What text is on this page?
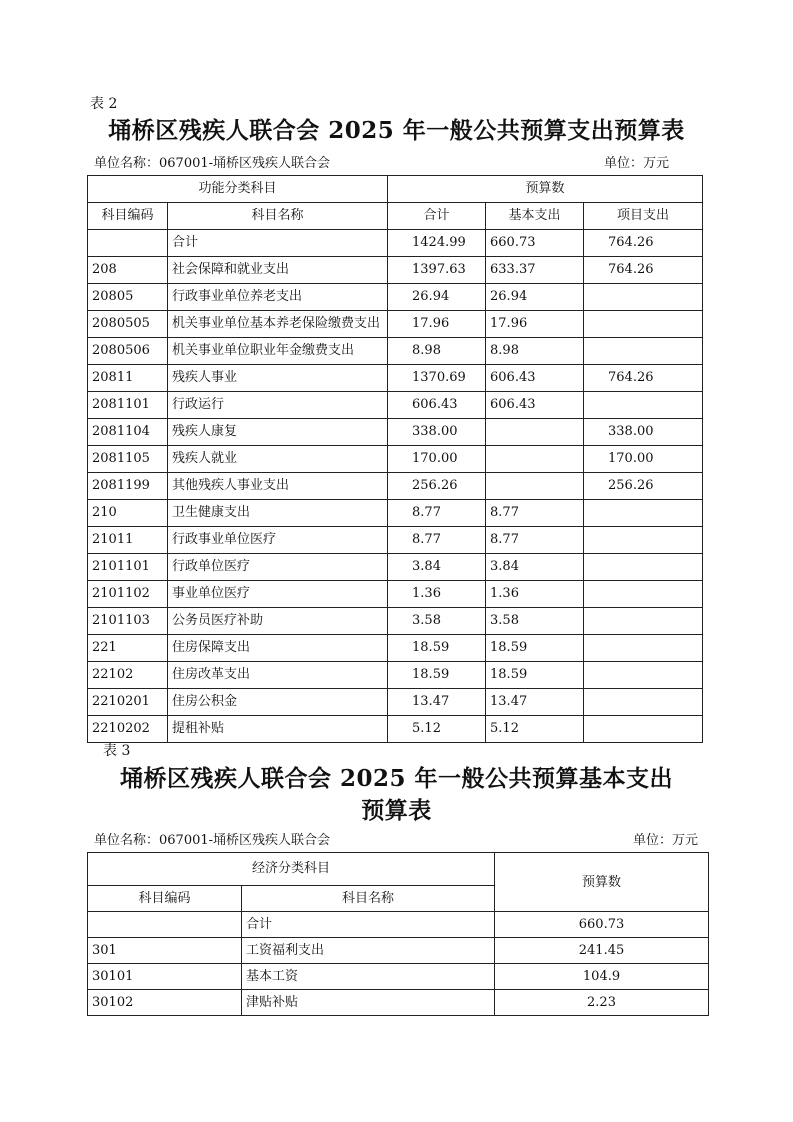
表 2
埇桥区残疾人联合会 2025 年一般公共预算支出预算表
单位名称：067001-埇桥区残疾人联合会	单位：万元
功能分类科目		预算数		
科目编码	科目名称	合计	基本支出	项目支出
	合计	1424.99	660.73	764.26
208	社会保障和就业支出	1397.63	633.37	764.26
20805	行政事业单位养老支出	26.94	26.94	
2080505	机关事业单位基本养老保险缴费支出	17.96	17.96	
2080506	机关事业单位职业年金缴费支出	8.98	8.98	
20811	残疾人事业	1370.69	606.43	764.26
2081101	行政运行	606.43	606.43	
2081104	残疾人康复	338.00		338.00
2081105	残疾人就业	170.00		170.00
2081199	其他残疾人事业支出	256.26		256.26
210	卫生健康支出	8.77	8.77	
21011	行政事业单位医疗	8.77	8.77	
2101101	行政单位医疗	3.84	3.84	
2101102	事业单位医疗	1.36	1.36	
2101103	公务员医疗补助	3.58	3.58	
221	住房保障支出	18.59	18.59	
22102	住房改革支出	18.59	18.59	
2210201	住房公积金	13.47	13.47	
2210202	提租补贴	5.12	5.12	
表 3
埇桥区残疾人联合会 2025 年一般公共预算基本支出
预算表
单位名称：067001-埇桥区残疾人联合会	单位：万元
经济分类科目		预算数
科目编码	科目名称	
	合计	660.73
301	工资福利支出	241.45
30101	基本工资	104.9
30102	津贴补贴	2.23
